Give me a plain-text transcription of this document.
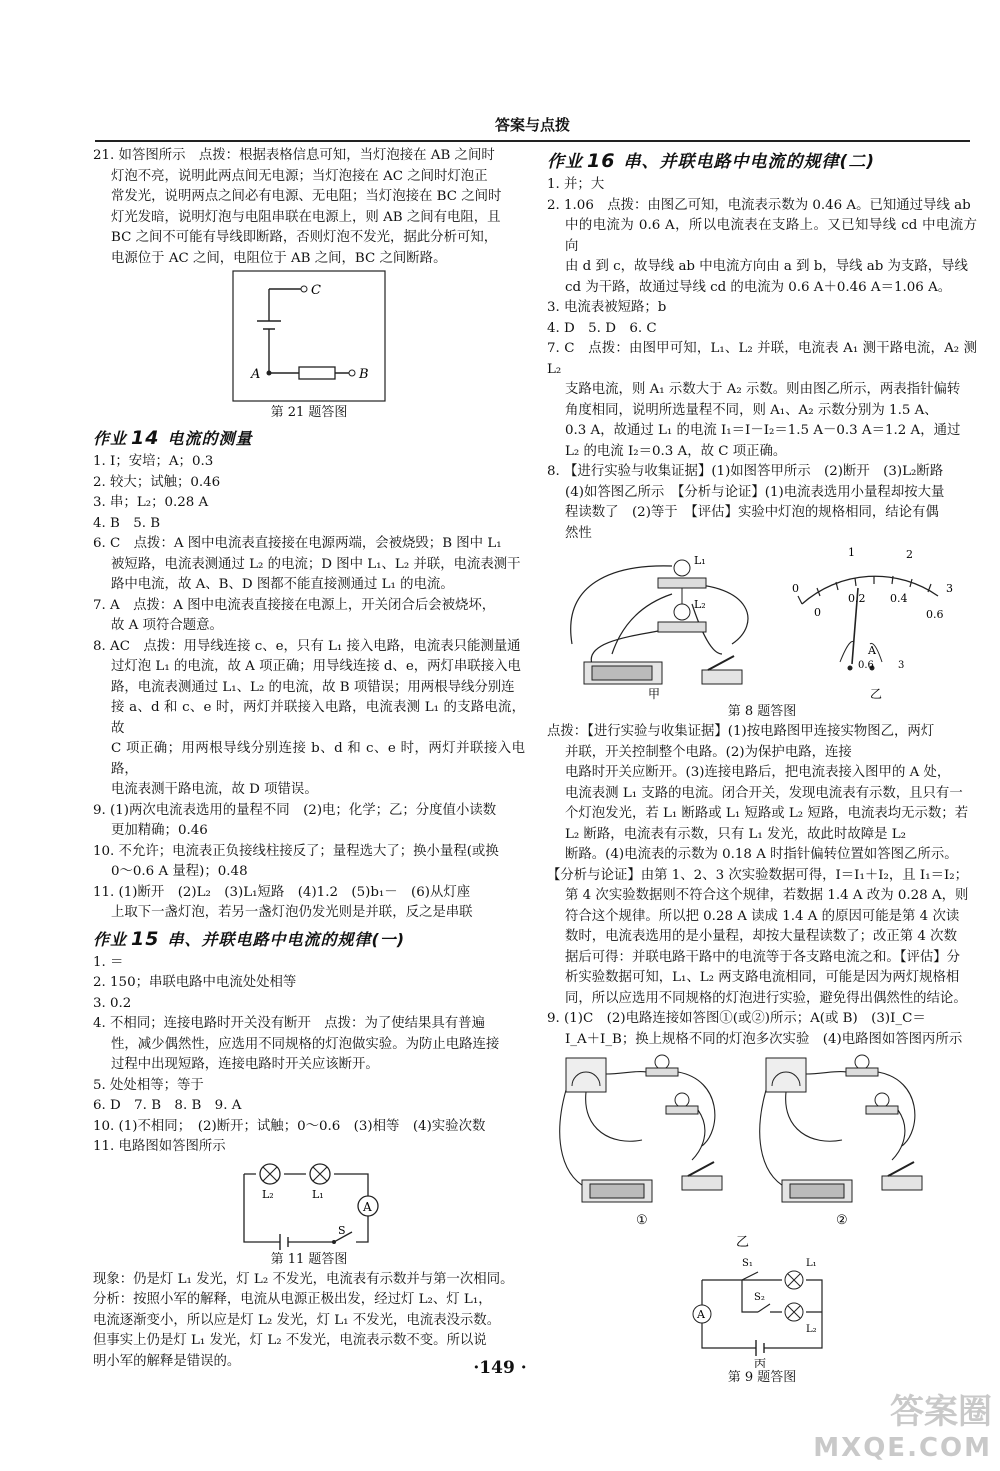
答案与点拨

21. 如答图所示　点拨：根据表格信息可知，当灯泡接在 AB 之间时

灯泡不亮，说明此两点间无电源；当灯泡接在 AC 之间时灯泡正

常发光，说明两点之间必有电源、无电阻；当灯泡接在 BC 之间时

灯光发暗，说明灯泡与电阻串联在电源上，则 AB 之间有电阻，且

BC 之间不可能有导线即断路，否则灯泡不发光，据此分析可知，

电源位于 AC 之间，电阻位于 AB 之间，BC 之间断路。

C
A	B

第 21 题答图

作业 14 电流的测量

1. I；安培；A；0.3

2. 较大；试触；0.46

3. 串；L₂；0.28 A

4. B　5. B

6. C　点拨：A 图中电流表直接接在电源两端，会被烧毁；B 图中 L₁

被短路，电流表测通过 L₂ 的电流；D 图中 L₁、L₂ 并联，电流表测干

路中电流，故 A、B、D 图都不能直接测通过 L₁ 的电流。

7. A　点拨：A 图中电流表直接接在电源上，开关闭合后会被烧坏，

故 A 项符合题意。

8. AC　点拨：用导线连接 c、e，只有 L₁ 接入电路，电流表只能测量通

过灯泡 L₁ 的电流，故 A 项正确；用导线连接 d、e，两灯串联接入电

路，电流表测通过 L₁、L₂ 的电流，故 B 项错误；用两根导线分别连

接 a、d 和 c、e 时，两灯并联接入电路，电流表测 L₁ 的支路电流，故

C 项正确；用两根导线分别连接 b、d 和 c、e 时，两灯并联接入电路，

电流表测干路电流，故 D 项错误。

9. (1)两次电流表选用的量程不同　(2)电；化学；乙；分度值小读数

更加精确；0.46

10. 不允许；电流表正负接线柱接反了；量程选大了；换小量程(或换

0～0.6 A 量程)；0.48

11. (1)断开　(2)L₂　(3)L₁短路　(4)1.2　(5)b₁－　(6)从灯座

上取下一盏灯泡，若另一盏灯泡仍发光则是并联，反之是串联

作业 15 串、并联电路中电流的规律(一)

1. ＝

2. 150；串联电路中电流处处相等

3. 0.2

4. 不相同；连接电路时开关没有断开　点拨：为了使结果具有普遍

性，减少偶然性，应选用不同规格的灯泡做实验。为防止电路连接

过程中出现短路，连接电路时开关应该断开。

5. 处处相等；等于

6. D　7. B　8. B　9. A

10. (1)不相同；　(2)断开；试触；0～0.6　(3)相等　(4)实验次数

11. 电路图如答图所示

L₂	L₁
A
S

第 11 题答图

现象：仍是灯 L₁ 发光，灯 L₂ 不发光，电流表有示数并与第一次相同。

分析：按照小军的解释，电流从电源正极出发，经过灯 L₂、灯 L₁，

电流逐渐变小，所以应是灯 L₂ 发光，灯 L₁ 不发光，电流表没示数。

但事实上仍是灯 L₁ 发光，灯 L₂ 不发光，电流表示数不变。所以说

明小军的解释是错误的。

作业 16 串、并联电路中电流的规律(二)

1. 并；大

2. 1.06　点拨：由图乙可知，电流表示数为 0.46 A。已知通过导线 ab

中的电流为 0.6 A，所以电流表在支路上。又已知导线 cd 中电流方向

由 d 到 c，故导线 ab 中电流方向由 a 到 b，导线 ab 为支路，导线

cd 为干路，故通过导线 cd 的电流为 0.6 A＋0.46 A＝1.06 A。

3. 电流表被短路；b

4. D　5. D　6. C

7. C　点拨：由图甲可知，L₁、L₂ 并联，电流表 A₁ 测干路电流，A₂ 测 L₂

支路电流，则 A₁ 示数大于 A₂ 示数。则由图乙所示，两表指针偏转

角度相同，说明所选量程不同，则 A₁、A₂ 示数分别为 1.5 A、

0.3 A，故通过 L₁ 的电流 I₁＝I－I₂＝1.5 A－0.3 A＝1.2 A，通过

L₂ 的电流 I₂＝0.3 A，故 C 项正确。

8. 【进行实验与收集证据】(1)如图答甲所示　(2)断开　(3)L₂断路

(4)如答图乙所示　【分析与论证】(1)电流表选用小量程却按大量

程读数了　(2)等于　【评估】实验中灯泡的规格相同，结论有偶

然性

L₁
L₂
甲
1	2
0
0.2 0.4
0.6
0	3
A
0.6 3
乙

第 8 题答图

点拨：【进行实验与收集证据】(1)按电路图甲连接实物图乙，两灯

并联，开关控制整个电路。(2)为保护电路，连接

电路时开关应断开。(3)连接电路后，把电流表接入图甲的 A 处，

电流表测 L₁ 支路的电流。闭合开关，发现电流表有示数，且只有一

个灯泡发光，若 L₁ 断路或 L₁ 短路或 L₂ 短路，电流表均无示数；若

L₂ 断路，电流表有示数，只有 L₁ 发光，故此时故障是 L₂

断路。(4)电流表的示数为 0.18 A 时指针偏转位置如答图乙所示。

【分析与论证】由第 1、2、3 次实验数据可得，I＝I₁＋I₂，且 I₁＝I₂；

第 4 次实验数据则不符合这个规律，若数据 1.4 A 改为 0.28 A，则

符合这个规律。所以把 0.28 A 读成 1.4 A 的原因可能是第 4 次读

数时，电流表选用的是小量程，却按大量程读数了；改正第 4 次数

据后可得：并联电路干路中的电流等于各支路电流之和。【评估】分

析实验数据可知，L₁、L₂ 两支路电流相同，可能是因为两灯规格相

同，所以应选用不同规格的灯泡进行实验，避免得出偶然性的结论。

9. (1)C　(2)电路连接如答图①(或②)所示；A(或 B)　(3)I_C＝

I_A＋I_B；换上规格不同的灯泡多次实验　(4)电路图如答图丙所示

①	②
乙
S₁	L₁
S₂
L₂
A
丙

第 9 题答图

·149 ·
答案圈
MXQE.COM
